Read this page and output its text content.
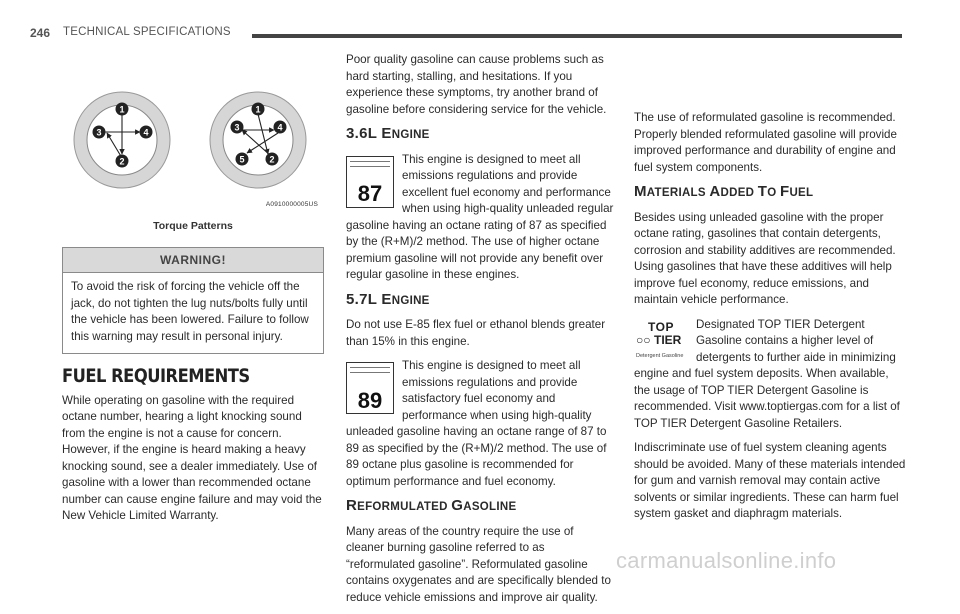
246 TECHNICAL SPECIFICATIONS
1
2
3	4
1
2
3	4
5
A0910000005US
Torque Patterns
WARNING!
To avoid the risk of forcing the vehicle off the jack, do not tighten the lug nuts/bolts fully until the vehicle has been lowered. Failure to follow this warning may result in personal injury.
FUEL REQUIREMENTS

While operating on gasoline with the required octane number, hearing a light knocking sound from the engine is not a cause for concern. However, if the engine is heard making a heavy knocking sound, see a dealer immediately. Use of gasoline with a lower than recommended octane number can cause engine failure and may void the New Vehicle Limited Warranty.

Poor quality gasoline can cause problems such as hard starting, stalling, and hesitations. If you experience these symptoms, try another brand of gasoline before considering service for the vehicle.

3.6L ENGINE
87
This engine is designed to meet all emissions regulations and provide excellent fuel economy and performance when using high-quality unleaded regular gasoline having an octane rating of 87 as specified by the (R+M)/2 method. The use of higher octane premium gasoline will not provide any benefit over regular gasoline in these engines.
5.7L ENGINE

Do not use E-85 flex fuel or ethanol blends greater than 15% in this engine.

89
This engine is designed to meet all emissions regulations and provide satisfactory fuel economy and performance when using high-quality unleaded gasoline having an octane range of 87 to 89 as specified by the (R+M)/2 method. The use of 89 octane plus gasoline is recommended for optimum performance and fuel economy.
REFORMULATED GASOLINE

Many areas of the country require the use of cleaner burning gasoline referred to as “reformulated gasoline”. Reformulated gasoline contains oxygenates and are specifically blended to reduce vehicle emissions and improve air quality.

The use of reformulated gasoline is recommended. Properly blended reformulated gasoline will provide improved performance and durability of engine and fuel system components.

MATERIALS ADDED TO FUEL

Besides using unleaded gasoline with the proper octane rating, gasolines that contain detergents, corrosion and stability additives are recommended. Using gasolines that have these additives will help improve fuel economy, reduce emissions, and maintain vehicle performance.

TOP
○○ TIER
Detergent Gasoline
Designated TOP TIER Detergent Gasoline contains a higher level of detergents to further aide in minimizing engine and fuel system deposits. When available, the usage of TOP TIER Detergent Gasoline is recommended. Visit www.toptiergas.com for a list of TOP TIER Detergent Gasoline Retailers.

Indiscriminate use of fuel system cleaning agents should be avoided. Many of these materials intended for gum and varnish removal may contain active solvents or similar ingredients. These can harm fuel system gasket and diaphragm materials.

carmanualsonline.info
